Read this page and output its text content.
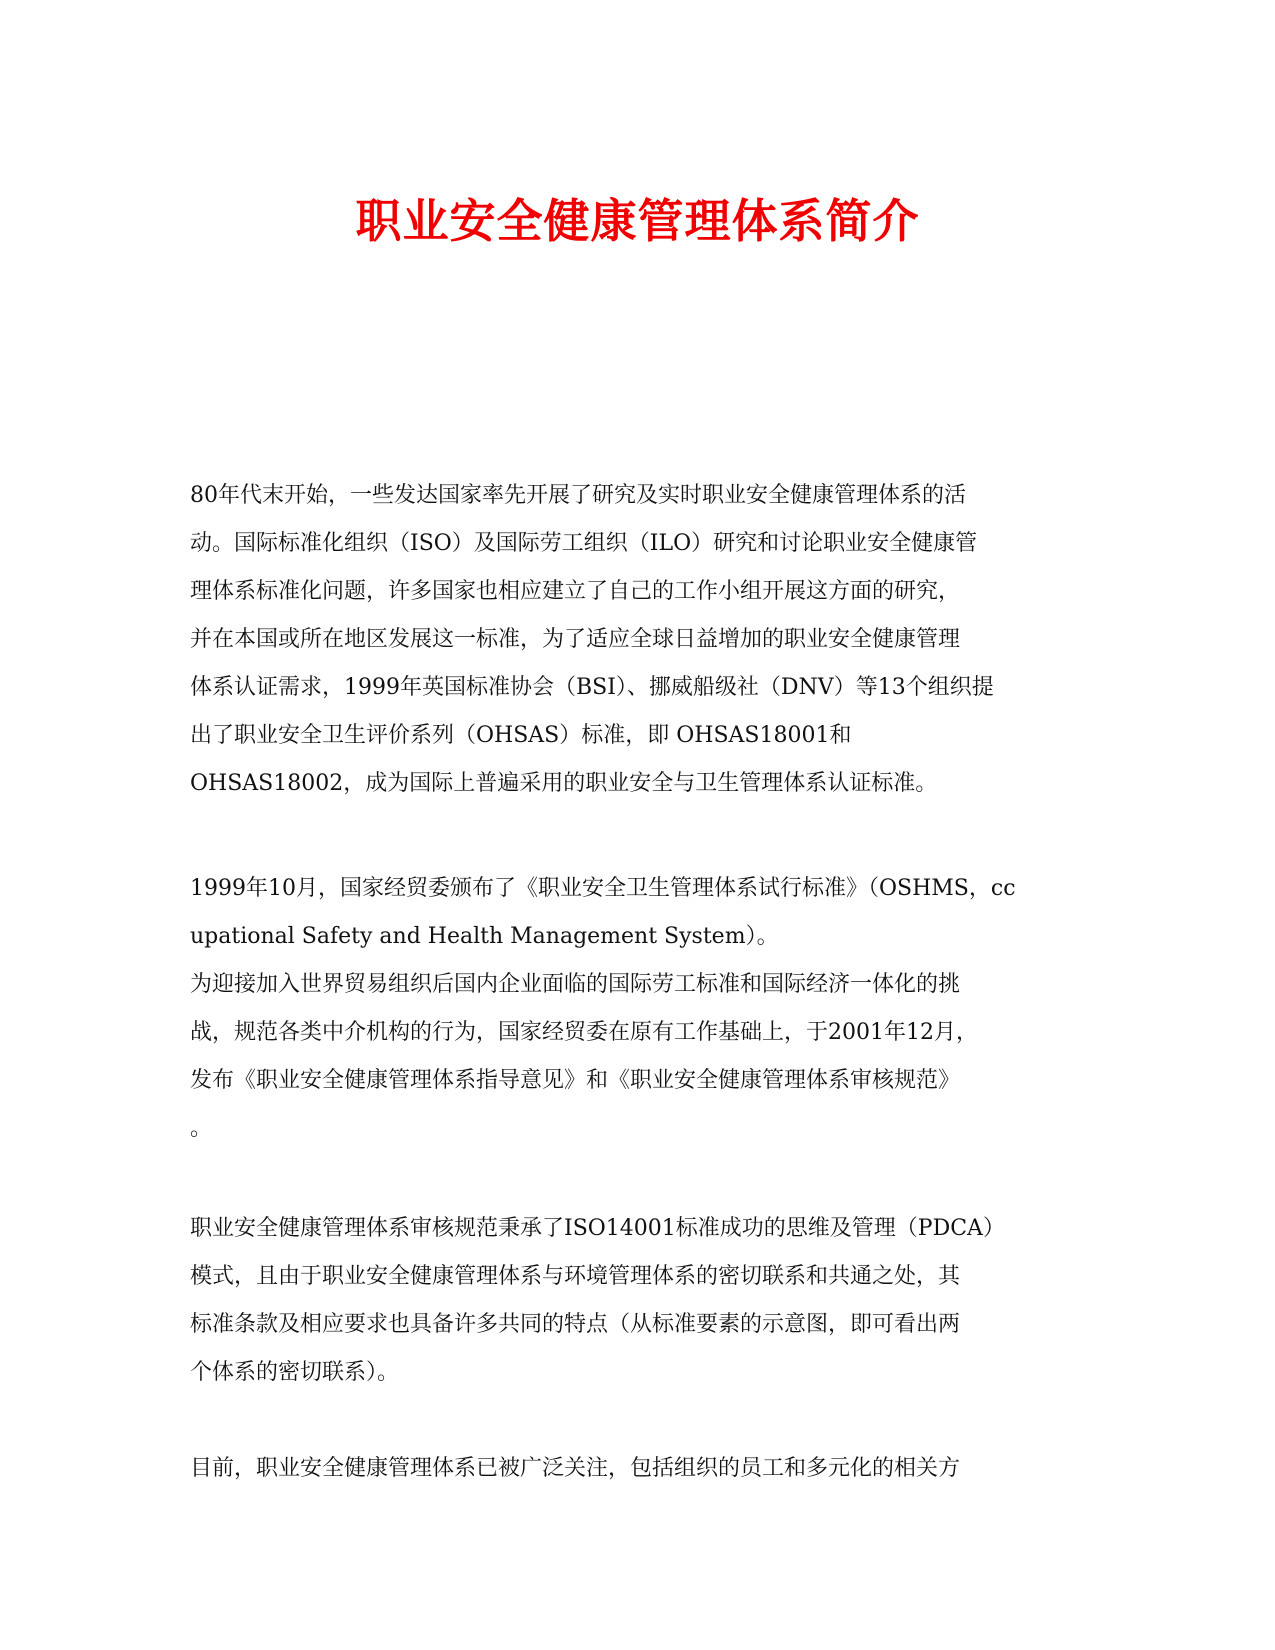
职业安全健康管理体系简介
80年代末开始，一些发达国家率先开展了研究及实时职业安全健康管理体系的活
动。国际标准化组织（ISO）及国际劳工组织（ILO）研究和讨论职业安全健康管
理体系标准化问题，许多国家也相应建立了自己的工作小组开展这方面的研究，
并在本国或所在地区发展这一标准，为了适应全球日益增加的职业安全健康管理
体系认证需求，1999年英国标准协会（BSI）、挪威船级社（DNV）等13个组织提
出了职业安全卫生评价系列（OHSAS）标准，即 OHSAS18001和
OHSAS18002，成为国际上普遍采用的职业安全与卫生管理体系认证标准。
1999年10月，国家经贸委颁布了《职业安全卫生管理体系试行标准》（OSHMS，cc
upational Safety and Health Management System）。
为迎接加入世界贸易组织后国内企业面临的国际劳工标准和国际经济一体化的挑
战，规范各类中介机构的行为，国家经贸委在原有工作基础上，于2001年12月，
发布《职业安全健康管理体系指导意见》和《职业安全健康管理体系审核规范》
。
职业安全健康管理体系审核规范秉承了ISO14001标准成功的思维及管理（PDCA）
模式，且由于职业安全健康管理体系与环境管理体系的密切联系和共通之处，其
标准条款及相应要求也具备许多共同的特点（从标准要素的示意图，即可看出两
个体系的密切联系）。
目前，职业安全健康管理体系已被广泛关注，包括组织的员工和多元化的相关方
